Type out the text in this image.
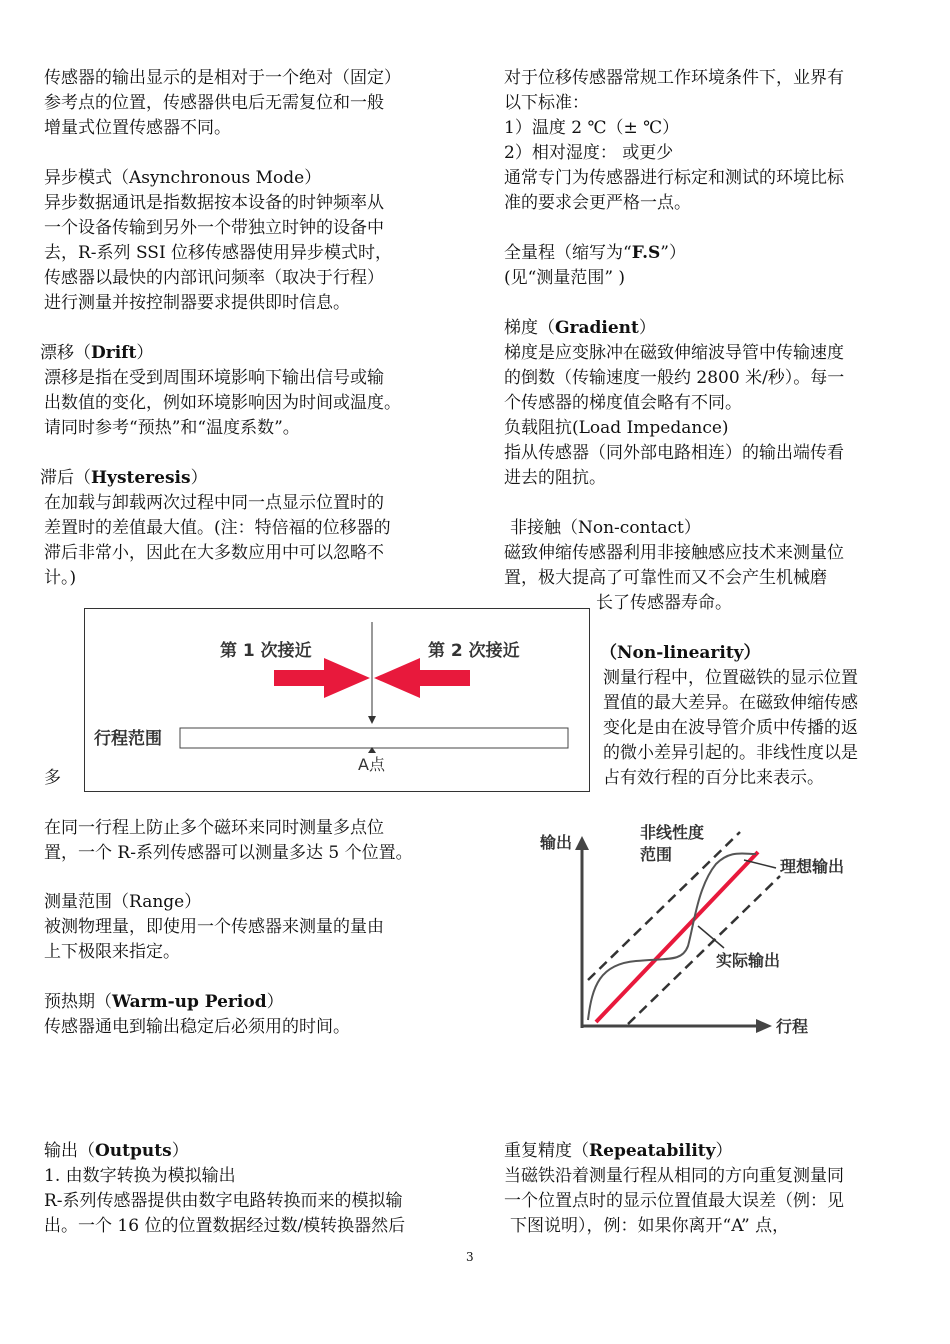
传感器的输出显示的是相对于一个绝对（固定）
参考点的位置，传感器供电后无需复位和一般
增量式位置传感器不同。
异步模式（Asynchronous Mode）
异步数据通讯是指数据按本设备的时钟频率从
一个设备传输到另外一个带独立时钟的设备中
去，R-系列 SSI 位移传感器使用异步模式时，
传感器以最快的内部讯问频率（取决于行程）
进行测量并按控制器要求提供即时信息。
漂移（Drift）
漂移是指在受到周围环境影响下输出信号或输
出数值的变化，例如环境影响因为时间或温度。
请同时参考“预热”和“温度系数”。
滞后（Hysteresis）
在加载与卸载两次过程中同一点显示位置时的
差置时的差值最大值。(注：特倍福的位移器的
滞后非常小，因此在大多数应用中可以忽略不
计。)
多
在同一行程上防止多个磁环来同时测量多点位
置，一个 R-系列传感器可以测量多达 5 个位置。
测量范围（Range）
被测物理量，即使用一个传感器来测量的量由
上下极限来指定。
预热期（Warm-up Period）
传感器通电到输出稳定后必须用的时间。
输出（Outputs）
1. 由数字转换为模拟输出
R-系列传感器提供由数字电路转换而来的模拟输
出。一个 16 位的位置数据经过数/模转换器然后
对于位移传感器常规工作环境条件下，业界有
以下标准：
1）温度 2 ℃（± ℃）
2）相对湿度： 或更少
通常专门为传感器进行标定和测试的环境比标
准的要求会更严格一点。
全量程（缩写为“F.S”）
(见“测量范围” )
梯度（Gradient）
梯度是应变脉冲在磁致伸缩波导管中传输速度
的倒数（传输速度一般约 2800 米/秒）。每一
个传感器的梯度值会略有不同。
负载阻抗(Load Impedance)
指从传感器（同外部电路相连）的输出端传看
进去的阻抗。
非接触（Non-contact）
磁致伸缩传感器利用非接触感应技术来测量位
置，极大提高了可靠性而又不会产生机械磨
长了传感器寿命。
（Non-linearity）
测量行程中，位置磁铁的显示位置
置值的最大差异。在磁致伸缩传感
变化是由在波导管介质中传播的返
的微小差异引起的。非线性度以是
占有效行程的百分比来表示。
重复精度（Repeatability）
当磁铁沿着测量行程从相同的方向重复测量同
一个位置点时的显示位置值最大误差（例：见
下图说明），例：如果你离开“A” 点，
第 1 次接近	第 2 次接近
行程范围
A点
输出
非线性度
范围
理想输出
实际输出
行程
3
